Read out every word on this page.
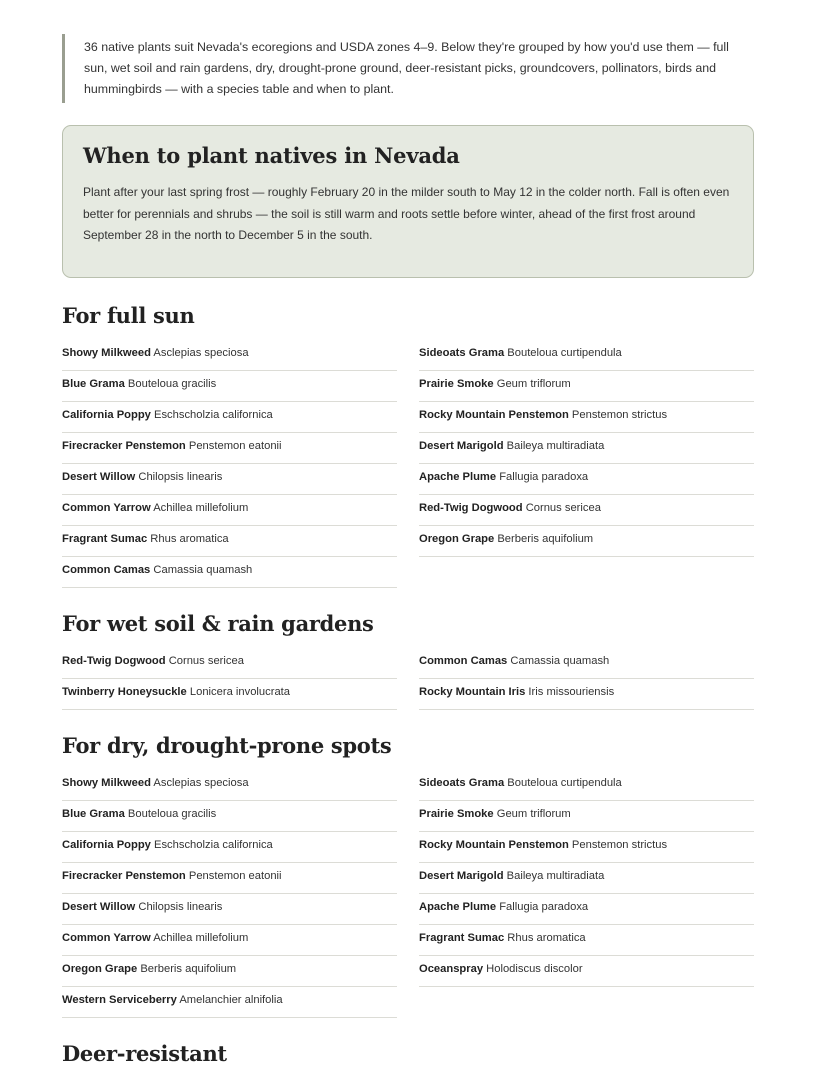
36 native plants suit Nevada's ecoregions and USDA zones 4–9. Below they're grouped by how you'd use them — full sun, wet soil and rain gardens, dry, drought-prone ground, deer-resistant picks, groundcovers, pollinators, birds and hummingbirds — with a species table and when to plant.
When to plant natives in Nevada

Plant after your last spring frost — roughly February 20 in the milder south to May 12 in the colder north. Fall is often even better for perennials and shrubs — the soil is still warm and roots settle before winter, ahead of the first frost around September 28 in the north to December 5 in the south.

For full sun
Showy Milkweed Asclepias speciosa
Blue Grama Bouteloua gracilis
California Poppy Eschscholzia californica
Firecracker Penstemon Penstemon eatonii
Desert Willow Chilopsis linearis
Common Yarrow Achillea millefolium
Fragrant Sumac Rhus aromatica
Common Camas Camassia quamash
Sideoats Grama Bouteloua curtipendula
Prairie Smoke Geum triflorum
Rocky Mountain Penstemon Penstemon strictus
Desert Marigold Baileya multiradiata
Apache Plume Fallugia paradoxa
Red-Twig Dogwood Cornus sericea
Oregon Grape Berberis aquifolium
For wet soil & rain gardens
Red-Twig Dogwood Cornus sericea
Twinberry Honeysuckle Lonicera involucrata
Common Camas Camassia quamash
Rocky Mountain Iris Iris missouriensis
For dry, drought-prone spots
Showy Milkweed Asclepias speciosa
Blue Grama Bouteloua gracilis
California Poppy Eschscholzia californica
Firecracker Penstemon Penstemon eatonii
Desert Willow Chilopsis linearis
Common Yarrow Achillea millefolium
Oregon Grape Berberis aquifolium
Western Serviceberry Amelanchier alnifolia
Sideoats Grama Bouteloua curtipendula
Prairie Smoke Geum triflorum
Rocky Mountain Penstemon Penstemon strictus
Desert Marigold Baileya multiradiata
Apache Plume Fallugia paradoxa
Fragrant Sumac Rhus aromatica
Oceanspray Holodiscus discolor
Deer-resistant
